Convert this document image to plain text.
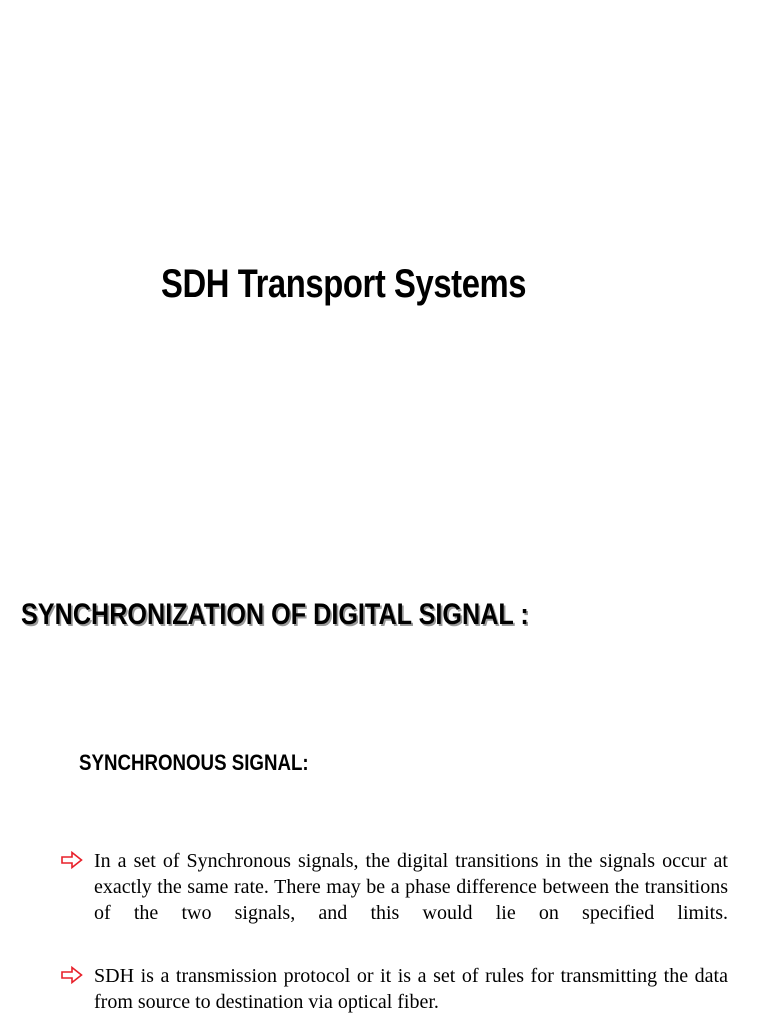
SDH Transport Systems
SYNCHRONIZATION OF DIGITAL SIGNAL :
SYNCHRONOUS SIGNAL:
In a set of Synchronous signals, the digital transitions in the signals occur at exactly the same rate. There may be a phase difference between the transitions of the two signals, and this would lie on specified limits.
SDH is a transmission protocol or it is a set of rules for transmitting the data from source to destination via optical fiber.
